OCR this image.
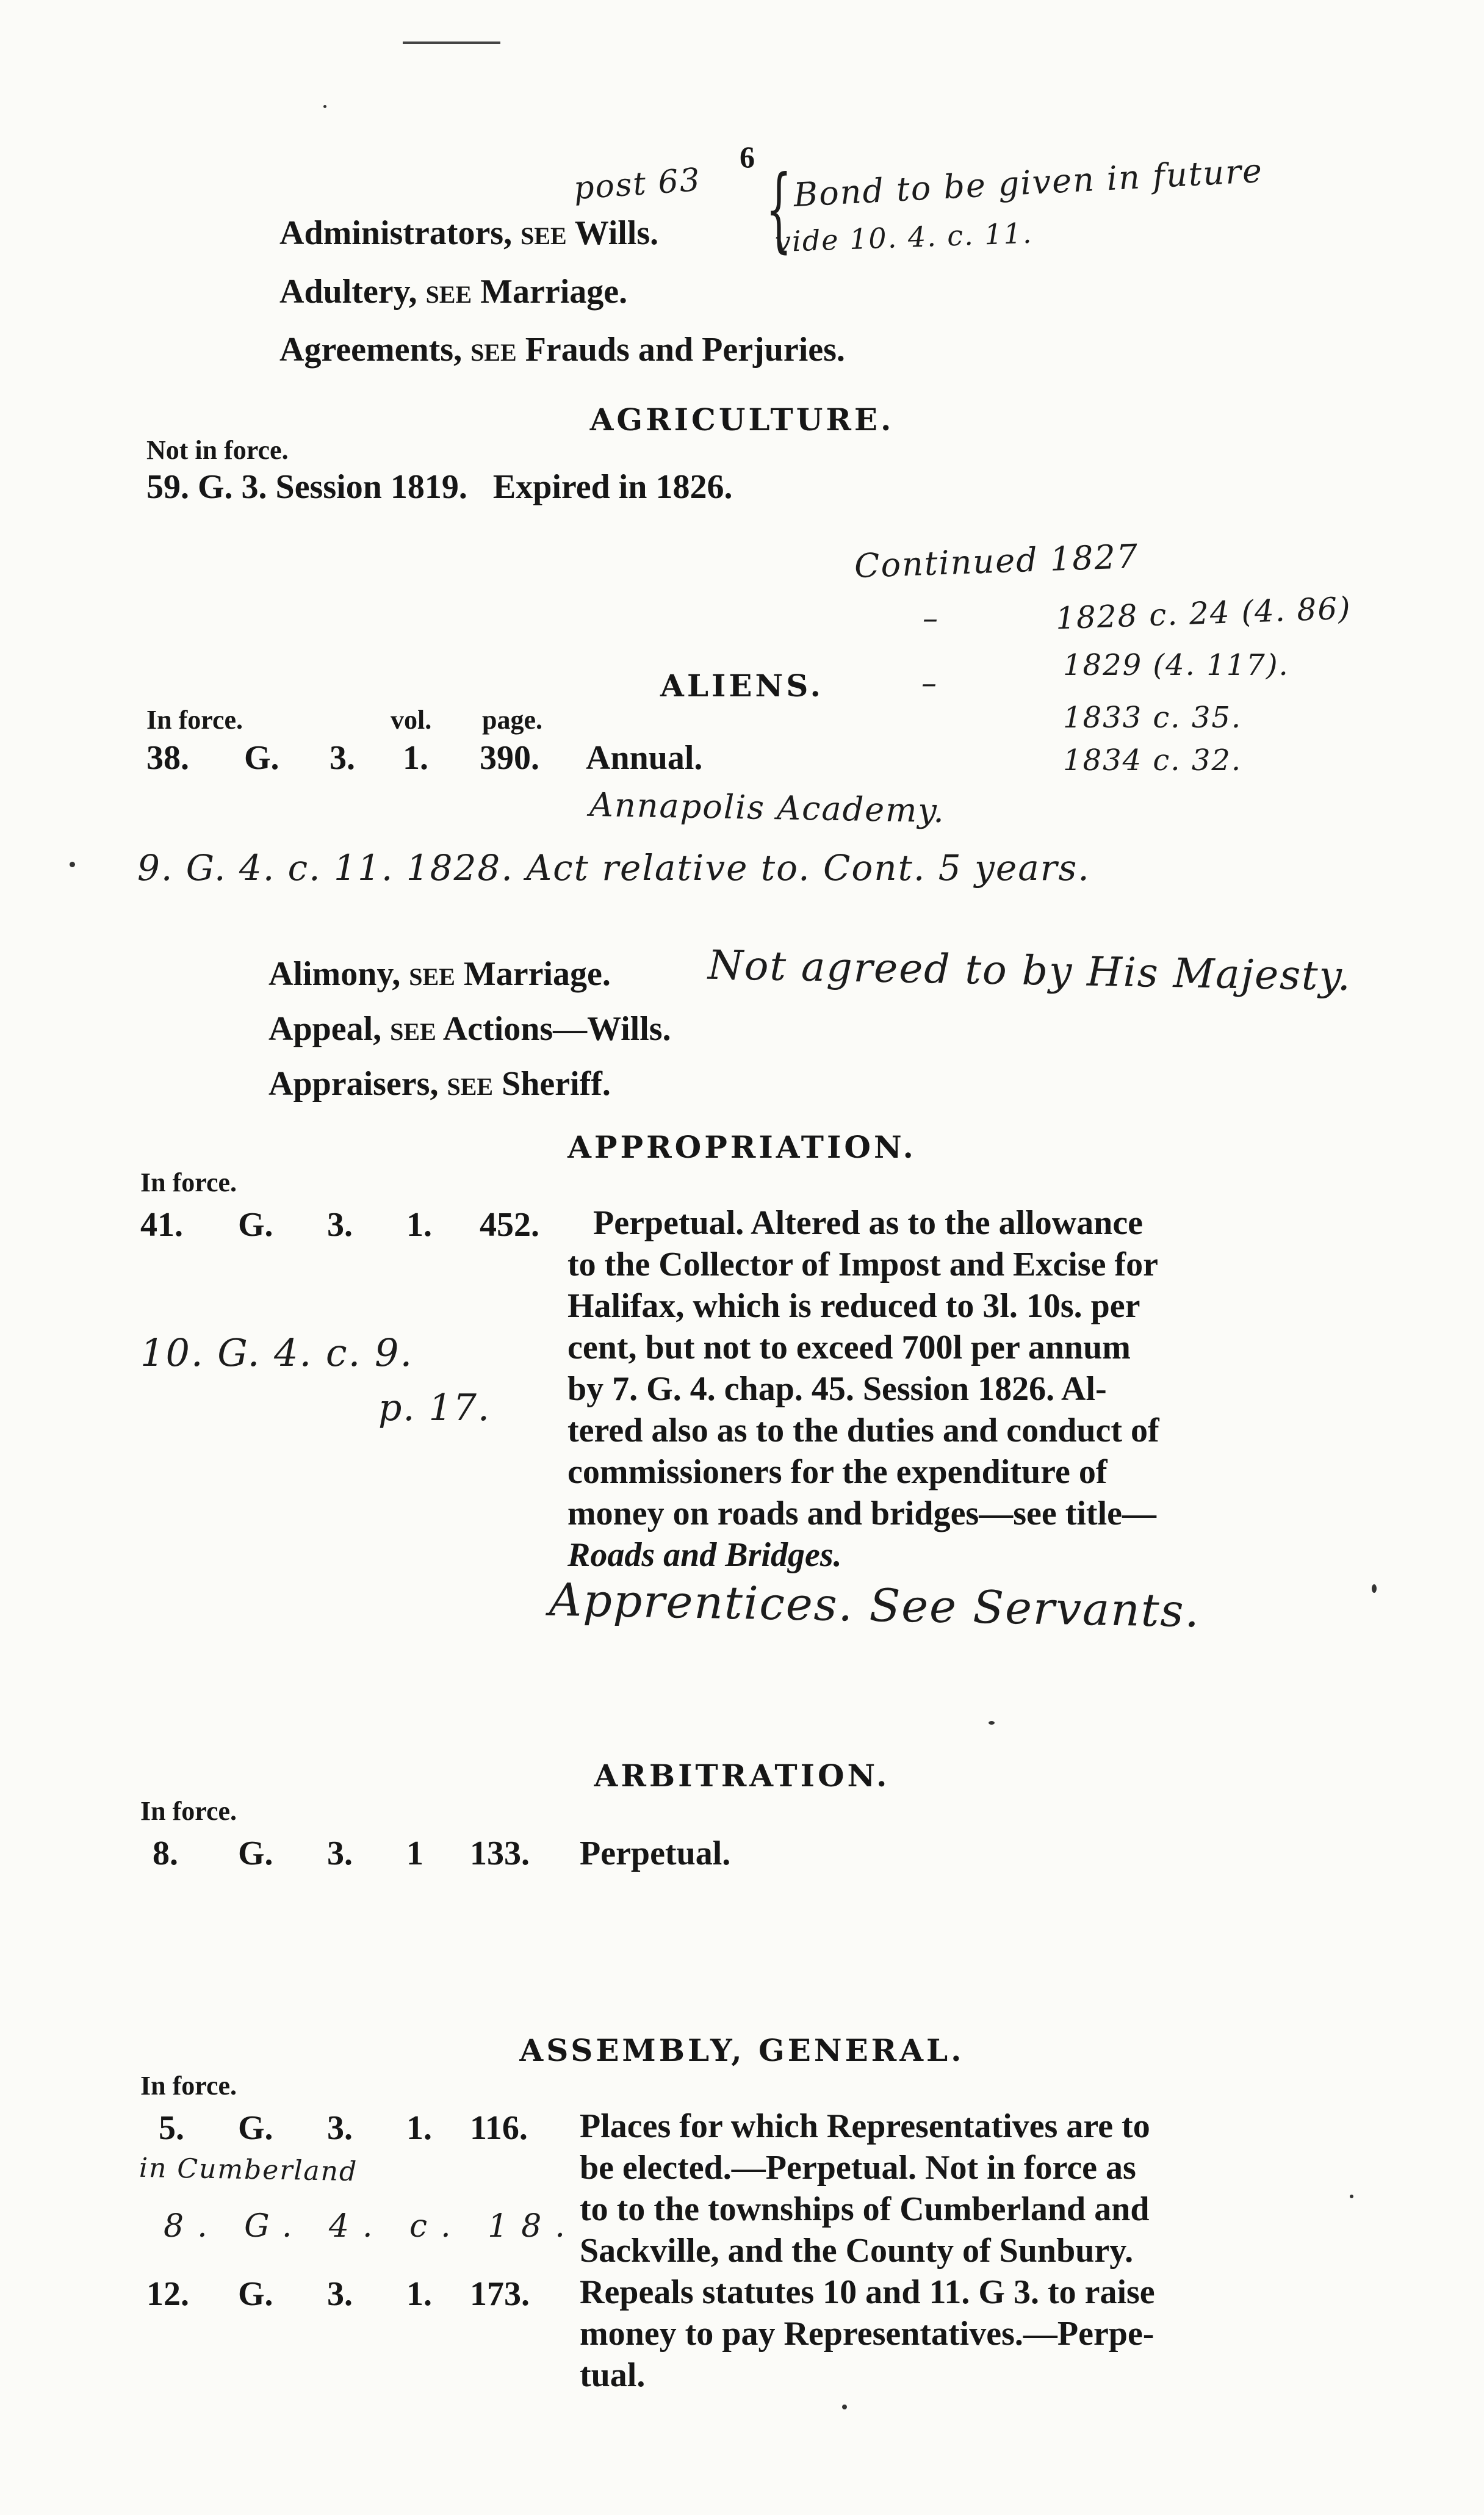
6
Administrators, SEE Wills.
Adultery, SEE Marriage.
Agreements, SEE Frauds and Perjuries.
AGRICULTURE.
Not in force.
59. G. 3. Session 1819.   Expired in 1826.
ALIENS.
In force.	vol. page.
38. G. 3. 1. 390. Annual.
Alimony, SEE Marriage.
Appeal, SEE Actions—Wills.
Appraisers, SEE Sheriff.
APPROPRIATION.
In force.
41. G. 3. 1. 452.	Perpetual. Altered as to the allowance
to the Collector of Impost and Excise for
Halifax, which is reduced to 3l. 10s. per
cent, but not to exceed 700l per annum
by 7. G. 4. chap. 45. Session 1826. Al-
tered also as to the duties and conduct of
commissioners for the expenditure of
money on roads and bridges—see title—
Roads and Bridges.
ARBITRATION.
In force.
8. G. 3. 1 133. Perpetual.
ASSEMBLY, GENERAL.
In force.
5. G. 3. 1. 116. Places for which Representatives are to
be elected.—Perpetual. Not in force as
to to the townships of Cumberland and
Sackville, and the County of Sunbury.
12. G. 3. 1. 173. Repeals statutes 10 and 11. G 3. to raise
money to pay Representatives.—Perpe-
tual.
post 63	Bond to be given in future
vide 10. 4. c. 11.
{
Continued 1827
–	1828 c. 24 (4. 86)
–	1829 (4. 117).
1833 c. 35.
1834 c. 32.
Annapolis Academy.
9. G. 4. c. 11. 1828. Act relative to. Cont. 5 years.
Not agreed to by His Majesty.
10. G. 4. c. 9.
p. 17.
Apprentices. See Servants.
in Cumberland
8. G. 4. c. 18.
